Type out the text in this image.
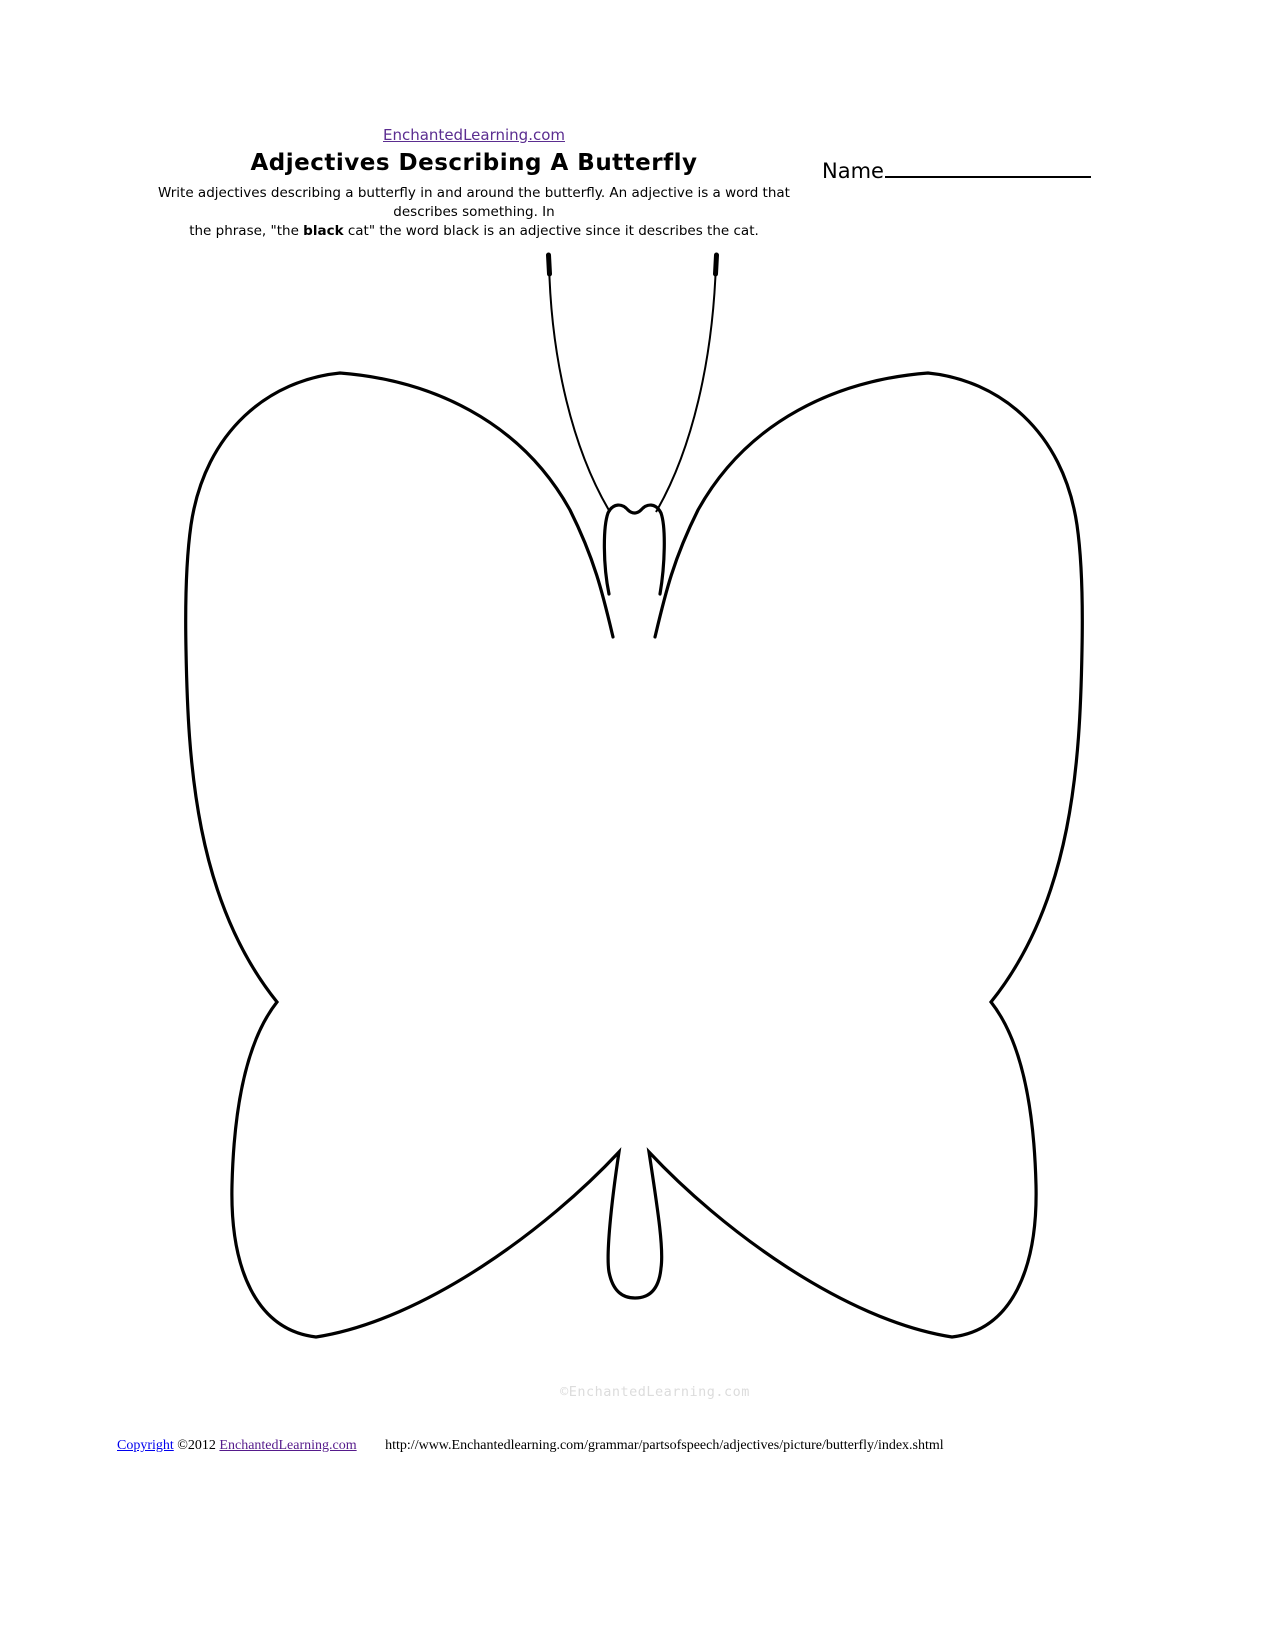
EnchantedLearning.com
Adjectives Describing A Butterfly	Name
Write adjectives describing a butterfly in and around the butterfly. An adjective is a word that describes something. In
the phrase, "the black cat" the word black is an adjective since it describes the cat.
©EnchantedLearning.com
Copyright ©2012 EnchantedLearning.com http://www.Enchantedlearning.com/grammar/partsofspeech/adjectives/picture/butterfly/index.shtml
